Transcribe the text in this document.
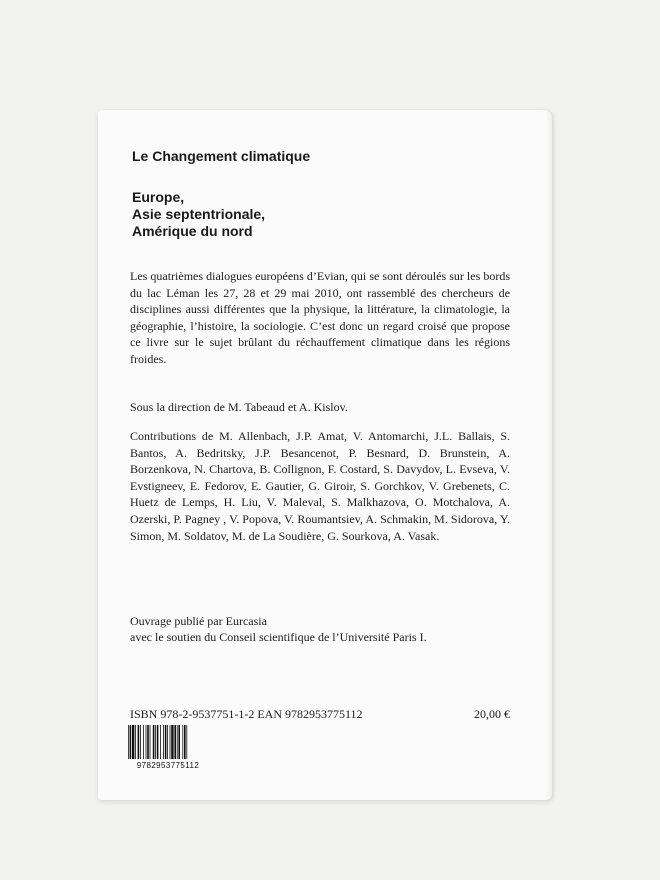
Le Changement climatique
Europe,
Asie septentrionale,
Amérique du nord
Les quatrièmes dialogues européens d’Evian, qui se sont déroulés sur les bords du lac Léman les 27, 28 et 29 mai 2010, ont rassemblé des chercheurs de disciplines aussi différentes que la physique, la littérature, la climatologie, la géographie, l’histoire, la sociologie. C’est donc un regard croisé que propose ce livre sur le sujet brûlant du réchauffement climatique dans les régions froides.
Sous la direction de M. Tabeaud et A. Kislov.
Contributions de M. Allenbach, J.P. Amat, V. Antomarchi, J.L. Ballais, S. Bantos, A. Bedritsky, J.P. Besancenot, P. Besnard, D. Brunstein, A. Borzenkova, N. Chartova, B. Collignon, F. Costard, S. Davydov, L. Evseva, V. Evstigneev, E. Fedorov, E. Gautier, G. Giroir, S. Gorchkov, V. Grebenets, C. Huetz de Lemps, H. Liu, V. Maleval, S. Malkhazova, O. Motchalova, A. Ozerski, P. Pagney , V. Popova, V. Roumantsiev, A. Schmakin, M. Sidorova, Y. Simon, M. Soldatov, M. de La Soudière, G. Sourkova, A. Vasak.
Ouvrage publié par Eurcasia
avec le soutien du Conseil scientifique de l’Université Paris I.
ISBN 978-2-9537751-1-2 EAN 9782953775112	20,00 €
9782953775112
